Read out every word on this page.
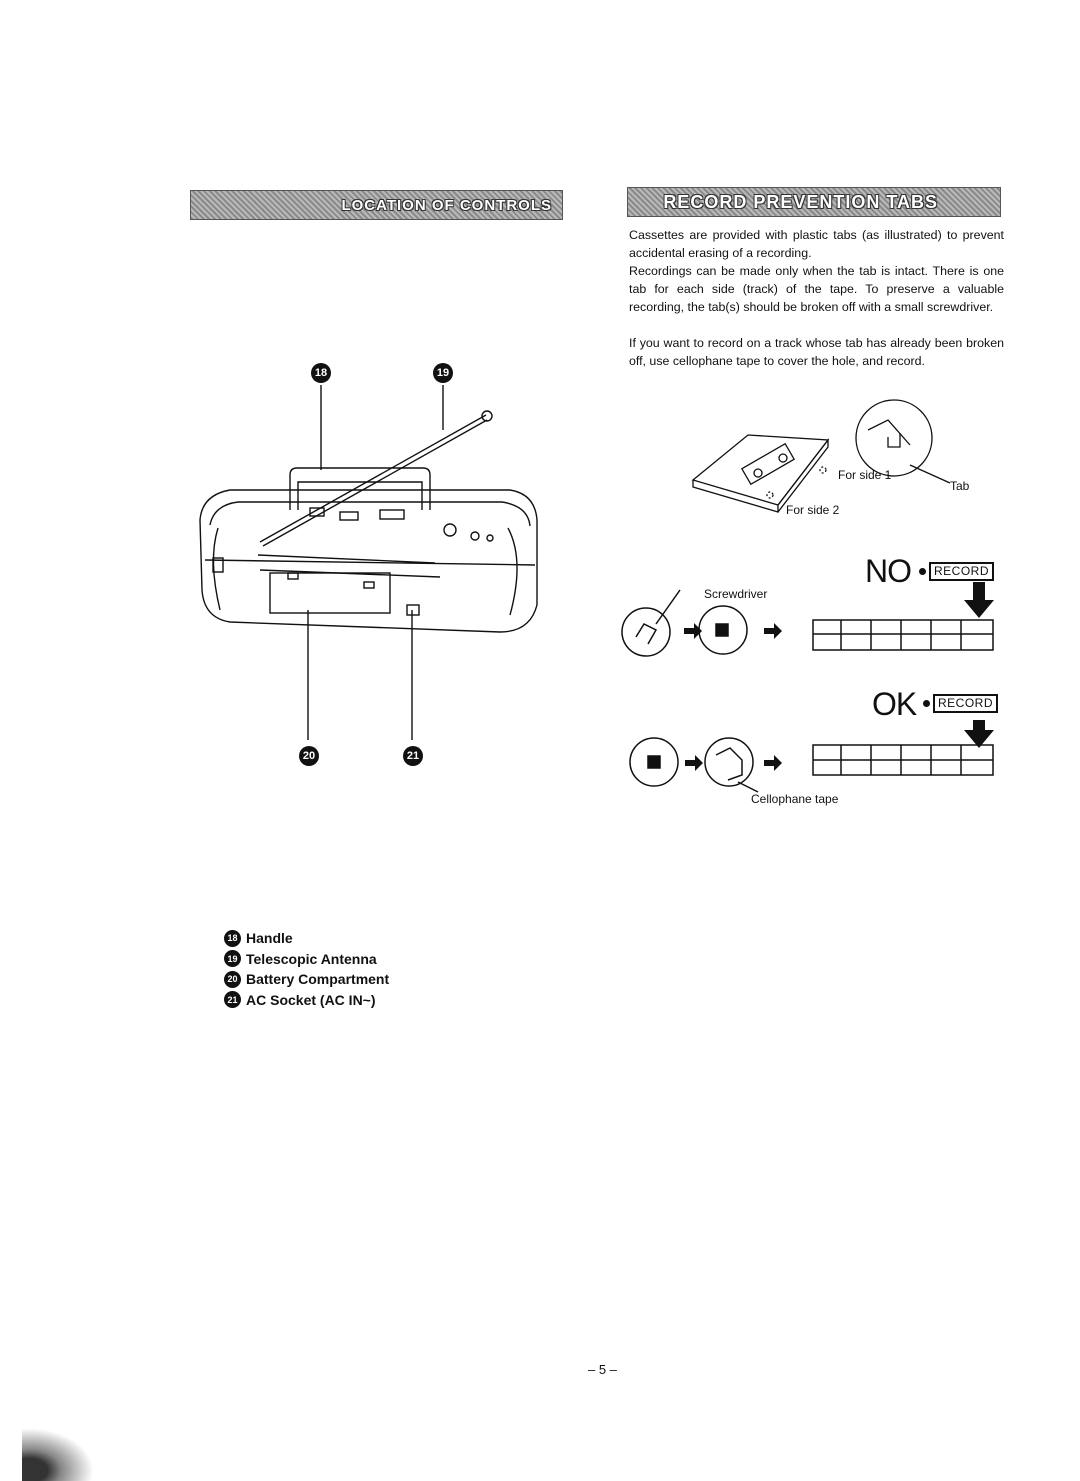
LOCATION OF CONTROLS	RECORD PREVENTION TABS

Cassettes are provided with plastic tabs (as illustrated) to prevent accidental erasing of a recording.

Recordings can be made only when the tab is intact. There is one tab for each side (track) of the tape. To preserve a valuable recording, the tab(s) should be broken off with a small screwdriver.

If you want to record on a track whose tab has already been broken off, use cellophane tape to cover the hole, and record.

18	19
20	21
18 Handle
19 Telescopic Antenna
20 Battery Compartment
21 AC Socket (AC IN~)
For side 1
Tab
For side 2
NO	RECORD
Screwdriver
OK	RECORD
Cellophane tape
– 5 –
